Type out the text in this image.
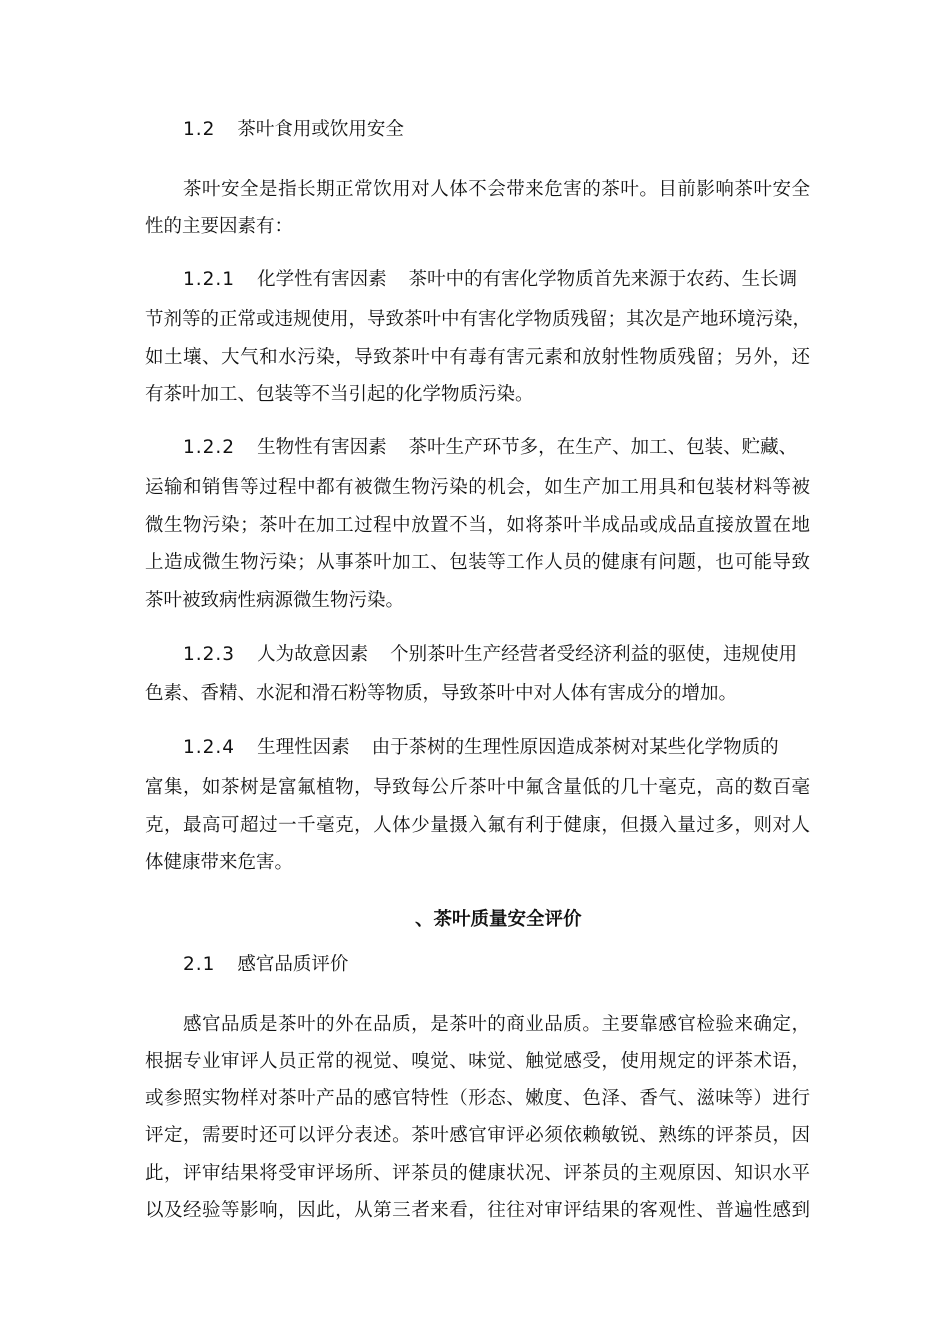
1.2 茶叶食用或饮用安全
茶叶安全是指长期正常饮用对人体不会带来危害的茶叶。目前影响茶叶安全
性的主要因素有：
1.2.1 化学性有害因素 茶叶中的有害化学物质首先来源于农药、生长调
节剂等的正常或违规使用，导致茶叶中有害化学物质残留；其次是产地环境污染，
如土壤、大气和水污染，导致茶叶中有毒有害元素和放射性物质残留；另外，还
有茶叶加工、包装等不当引起的化学物质污染。
1.2.2 生物性有害因素 茶叶生产环节多，在生产、加工、包装、贮藏、
运输和销售等过程中都有被微生物污染的机会，如生产加工用具和包装材料等被
微生物污染；茶叶在加工过程中放置不当，如将茶叶半成品或成品直接放置在地
上造成微生物污染；从事茶叶加工、包装等工作人员的健康有问题，也可能导致
茶叶被致病性病源微生物污染。
1.2.3 人为故意因素 个别茶叶生产经营者受经济利益的驱使，违规使用
色素、香精、水泥和滑石粉等物质，导致茶叶中对人体有害成分的增加。
1.2.4 生理性因素 由于茶树的生理性原因造成茶树对某些化学物质的
富集，如茶树是富氟植物，导致每公斤茶叶中氟含量低的几十毫克，高的数百毫
克，最高可超过一千毫克，人体少量摄入氟有利于健康，但摄入量过多，则对人
体健康带来危害。
、茶叶质量安全评价
2.1 感官品质评价
感官品质是茶叶的外在品质，是茶叶的商业品质。主要靠感官检验来确定，
根据专业审评人员正常的视觉、嗅觉、味觉、触觉感受，使用规定的评茶术语，
或参照实物样对茶叶产品的感官特性（形态、嫩度、色泽、香气、滋味等）进行
评定，需要时还可以评分表述。茶叶感官审评必须依赖敏锐、熟练的评茶员，因
此，评审结果将受审评场所、评茶员的健康状况、评茶员的主观原因、知识水平
以及经验等影响，因此，从第三者来看，往往对审评结果的客观性、普遍性感到
